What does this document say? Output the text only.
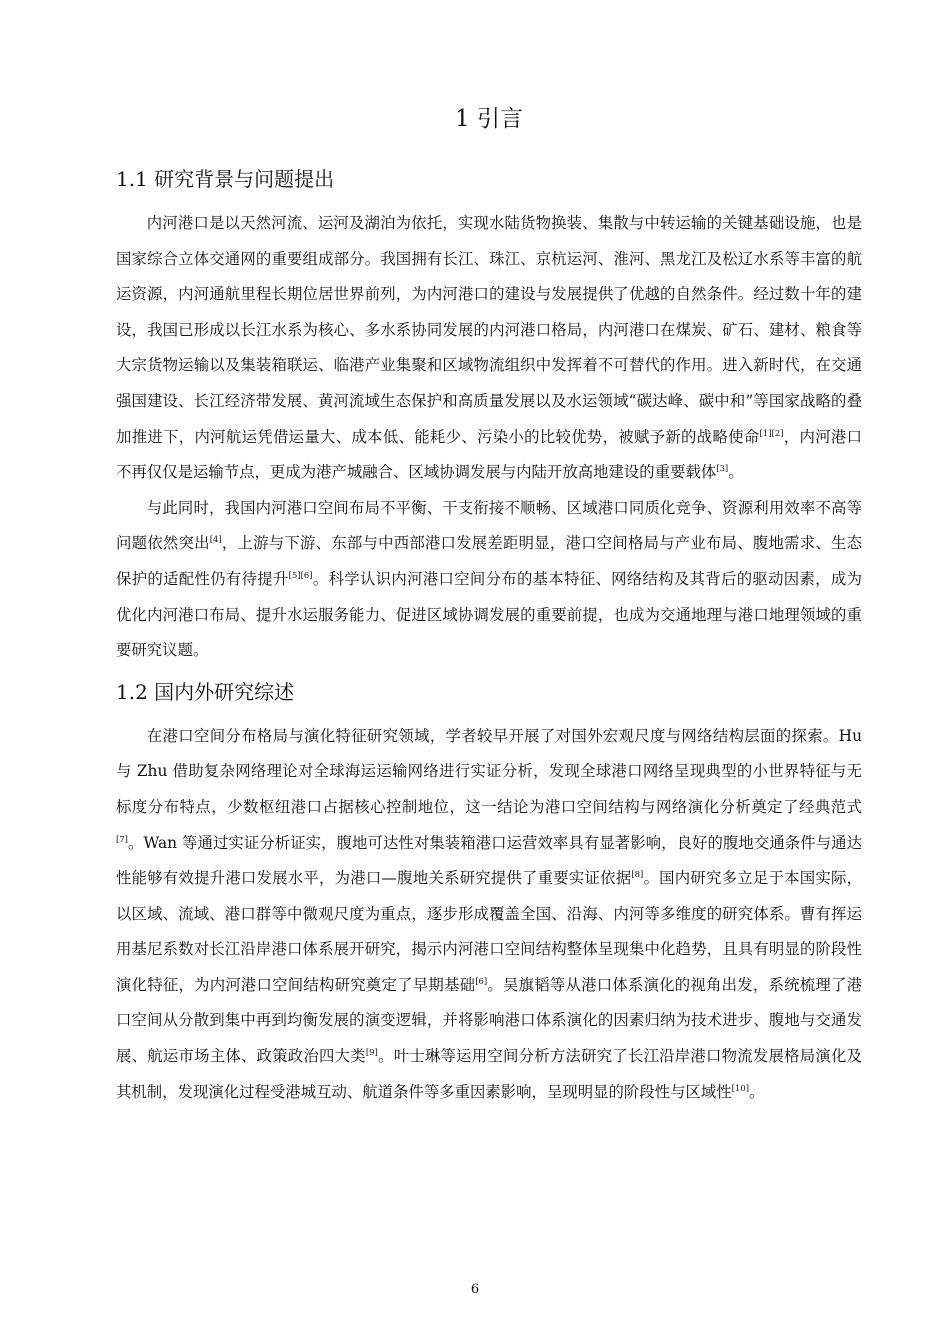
1 引言
1.1 研究背景与问题提出

内河港口是以天然河流、运河及湖泊为依托，实现水陆货物换装、集散与中转运输的关键基础设施，也是国家综合立体交通网的重要组成部分。我国拥有长江、珠江、京杭运河、淮河、黑龙江及松辽水系等丰富的航运资源，内河通航里程长期位居世界前列，为内河港口的建设与发展提供了优越的自然条件。经过数十年的建设，我国已形成以长江水系为核心、多水系协同发展的内河港口格局，内河港口在煤炭、矿石、建材、粮食等大宗货物运输以及集装箱联运、临港产业集聚和区域物流组织中发挥着不可替代的作用。进入新时代，在交通强国建设、长江经济带发展、黄河流域生态保护和高质量发展以及水运领域“碳达峰、碳中和”等国家战略的叠加推进下，内河航运凭借运量大、成本低、能耗少、污染小的比较优势，被赋予新的战略使命[1][2]，内河港口不再仅仅是运输节点，更成为港产城融合、区域协调发展与内陆开放高地建设的重要载体[3]。

与此同时，我国内河港口空间布局不平衡、干支衔接不顺畅、区域港口同质化竞争、资源利用效率不高等问题依然突出[4]，上游与下游、东部与中西部港口发展差距明显，港口空间格局与产业布局、腹地需求、生态保护的适配性仍有待提升[5][6]。科学认识内河港口空间分布的基本特征、网络结构及其背后的驱动因素，成为优化内河港口布局、提升水运服务能力、促进区域协调发展的重要前提，也成为交通地理与港口地理领域的重要研究议题。

1.2 国内外研究综述

在港口空间分布格局与演化特征研究领域，学者较早开展了对国外宏观尺度与网络结构层面的探索。Hu 与 Zhu 借助复杂网络理论对全球海运运输网络进行实证分析，发现全球港口网络呈现典型的小世界特征与无标度分布特点，少数枢纽港口占据核心控制地位，这一结论为港口空间结构与网络演化分析奠定了经典范式[7]。Wan 等通过实证分析证实，腹地可达性对集装箱港口运营效率具有显著影响，良好的腹地交通条件与通达性能够有效提升港口发展水平，为港口—腹地关系研究提供了重要实证依据[8]。国内研究多立足于本国实际，以区域、流域、港口群等中微观尺度为重点，逐步形成覆盖全国、沿海、内河等多维度的研究体系。曹有挥运用基尼系数对长江沿岸港口体系展开研究，揭示内河港口空间结构整体呈现集中化趋势，且具有明显的阶段性演化特征，为内河港口空间结构研究奠定了早期基础[6]。吴旗韬等从港口体系演化的视角出发，系统梳理了港口空间从分散到集中再到均衡发展的演变逻辑，并将影响港口体系演化的因素归纳为技术进步、腹地与交通发展、航运市场主体、政策政治四大类[9]。叶士琳等运用空间分析方法研究了长江沿岸港口物流发展格局演化及其机制，发现演化过程受港城互动、航道条件等多重因素影响，呈现明显的阶段性与区域性[10]。

6
